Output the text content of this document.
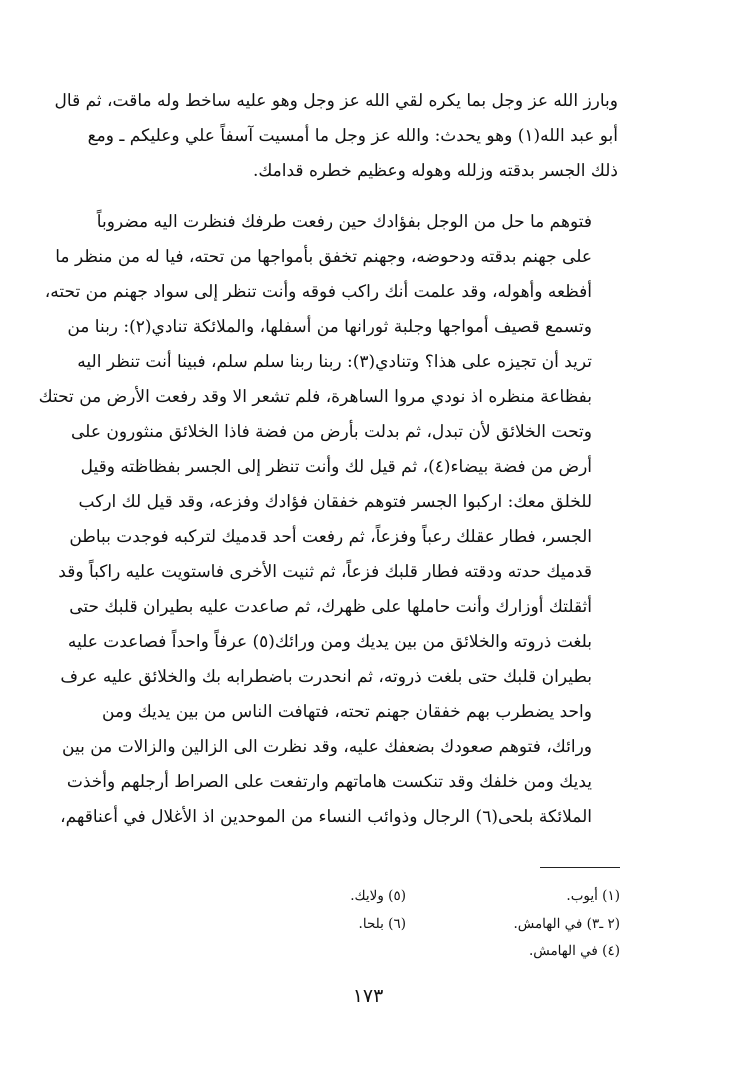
وبارز الله عز وجل بما يكره لقي الله عز وجل وهو عليه ساخط وله ماقت، ثم قال
أبو عبد الله(١) وهو يحدث: والله عز وجل ما أمسيت آسفاً علي وعليكم ـ ومع
ذلك الجسر بدقته وزلله وهوله وعظيم خطره قدامك.
فتوهم ما حل من الوجل بفؤادك حين رفعت طرفك فنظرت اليه مضروباً
على جهنم بدقته ودحوضه، وجهنم تخفق بأمواجها من تحته، فيا له من منظر ما
أفظعه وأهوله، وقد علمت أنك راكب فوقه وأنت تنظر إلى سواد جهنم من تحته،
وتسمع قصيف أمواجها وجلبة ثورانها من أسفلها، والملائكة تنادي(٢): ربنا من
تريد أن تجيزه على هذا؟ وتنادي(٣): ربنا ربنا سلم سلم، فبينا أنت تنظر اليه
بفظاعة منظره اذ نودي مروا الساهرة، فلم تشعر الا وقد رفعت الأرض من تحتك
وتحت الخلائق لأن تبدل، ثم بدلت بأرض من فضة فاذا الخلائق منثورون على
أرض من فضة بيضاء(٤)، ثم قيل لك وأنت تنظر إلى الجسر بفظاظته وقيل
للخلق معك: اركبوا الجسر فتوهم خفقان فؤادك وفزعه، وقد قيل لك اركب
الجسر، فطار عقلك رعباً وفزعاً، ثم رفعت أحد قدميك لتركبه فوجدت بباطن
قدميك حدته ودقته فطار قلبك فزعاً، ثم ثنيت الأخرى فاستويت عليه راكباً وقد
أثقلتك أوزارك وأنت حاملها على ظهرك، ثم صاعدت عليه بطيران قلبك حتى
بلغت ذروته والخلائق من بين يديك ومن ورائك(٥) عرفاً واحداً فصاعدت عليه
بطيران قلبك حتى بلغت ذروته، ثم انحدرت باضطرابه بك والخلائق عليه عرف
واحد يضطرب بهم خفقان جهنم تحته، فتهافت الناس من بين يديك ومن
ورائك، فتوهم صعودك بضعفك عليه، وقد نظرت الى الزالين والزالات من بين
يديك ومن خلفك وقد تنكست هاماتهم وارتفعت على الصراط أرجلهم وأخذت
الملائكة بلحى(٦) الرجال وذوائب النساء من الموحدين اذ الأغلال في أعناقهم،
(١) أيوب.
(٢ ـ٣) في الهامش.
(٤) في الهامش.
(٥) ولايك.
(٦) بلحا.
١٧٣
